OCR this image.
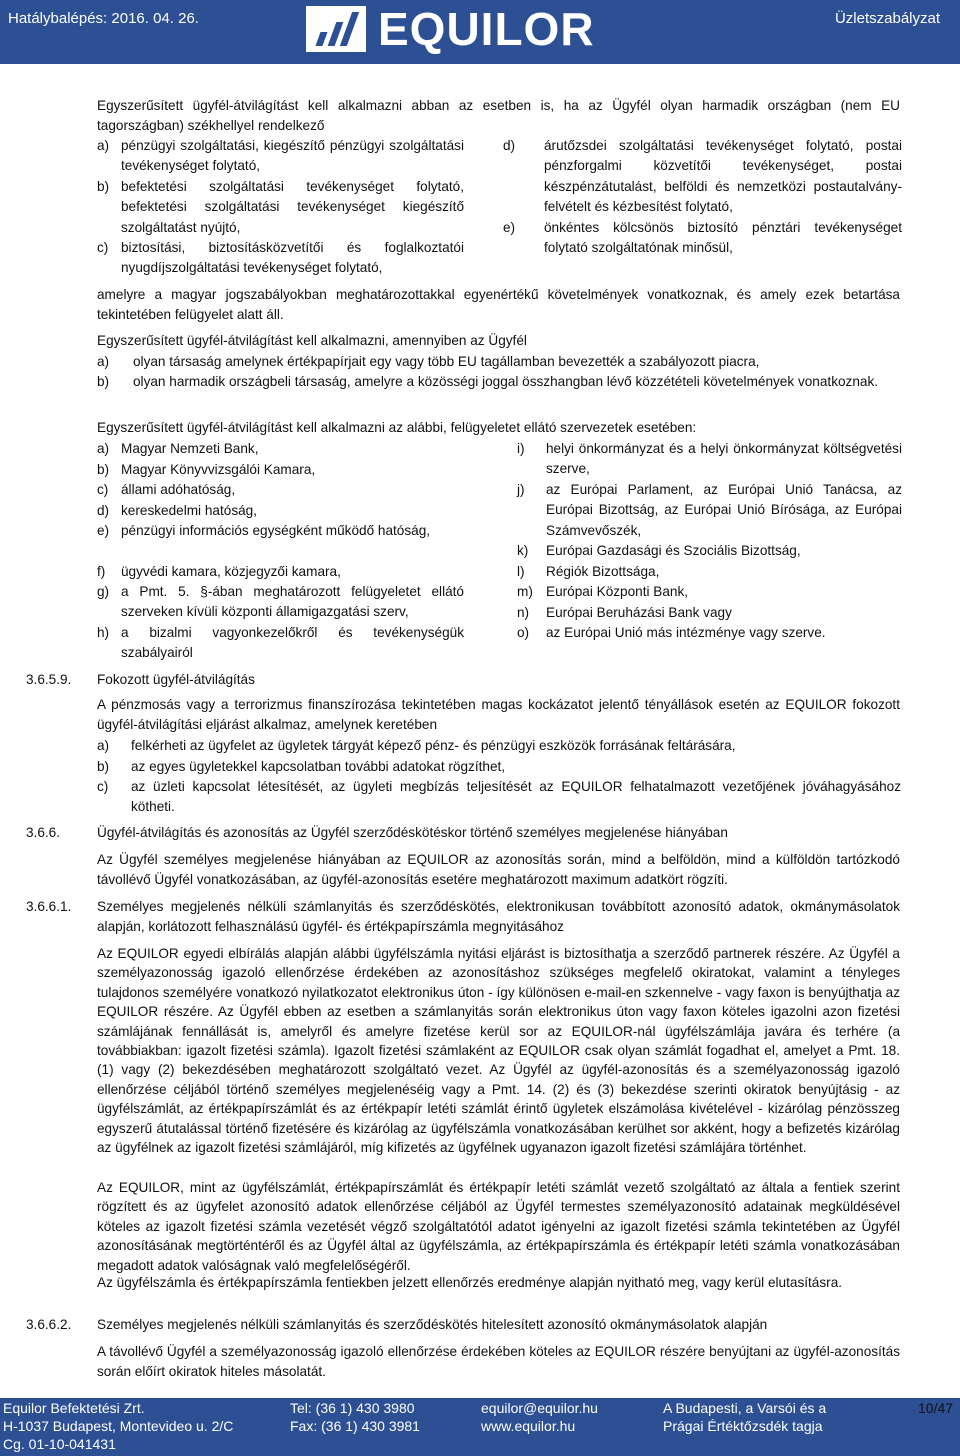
Hatálybalépés: 2016. 04. 26.	EQUILOR	Üzletszabályzat

Egyszerűsített ügyfél-átvilágítást kell alkalmazni abban az esetben is, ha az Ügyfél olyan harmadik országban (nem EU tagországban) székhellyel rendelkező

a) pénzügyi szolgáltatási, kiegészítő pénzügyi szolgáltatási tevékenységet folytató,

b) befektetési szolgáltatási tevékenységet folytató, befektetési szolgáltatási tevékenységet kiegészítő szolgáltatást nyújtó,

c) biztosítási, biztosításközvetítői és foglalkoztatói nyugdíjszolgáltatási tevékenységet folytató,

d) árutőzsdei szolgáltatási tevékenységet folytató, postai pénzforgalmi közvetítői tevékenységet, postai készpénzátutalást, belföldi és nemzetközi postautalvány-felvételt és kézbesítést folytató,

e) önkéntes kölcsönös biztosító pénztári tevékenységet folytató szolgáltatónak minősül,

amelyre a magyar jogszabályokban meghatározottakkal egyenértékű követelmények vonatkoznak, és amely ezek betartása tekintetében felügyelet alatt áll.

Egyszerűsített ügyfél-átvilágítást kell alkalmazni, amennyiben az Ügyfél

a) olyan társaság amelynek értékpapírjait egy vagy több EU tagállamban bevezették a szabályozott piacra,

b) olyan harmadik országbeli társaság, amelyre a közösségi joggal összhangban lévő közzétételi követelmények vonatkoznak.

Egyszerűsített ügyfél-átvilágítást kell alkalmazni az alábbi, felügyeletet ellátó szervezetek esetében:

a) Magyar Nemzeti Bank,

b) Magyar Könyvvizsgálói Kamara,

c) állami adóhatóság,

d) kereskedelmi hatóság,

e) pénzügyi információs egységként működő hatóság,

f) ügyvédi kamara, közjegyzői kamara,

g) a Pmt. 5. §-ában meghatározott felügyeletet ellátó szerveken kívüli központi államigazgatási szerv,

h) a bizalmi vagyonkezelőkről és tevékenységük szabályairól

i) helyi önkormányzat és a helyi önkormányzat költségvetési szerve,

j) az Európai Parlament, az Európai Unió Tanácsa, az Európai Bizottság, az Európai Unió Bírósága, az Európai Számvevőszék,

k) Európai Gazdasági és Szociális Bizottság,

l) Régiók Bizottsága,

m) Európai Központi Bank,

n) Európai Beruházási Bank vagy

o) az Európai Unió más intézménye vagy szerve.

3.6.5.9. Fokozott ügyfél-átvilágítás

A pénzmosás vagy a terrorizmus finanszírozása tekintetében magas kockázatot jelentő tényállások esetén az EQUILOR fokozott ügyfél-átvilágítási eljárást alkalmaz, amelynek keretében

a) felkérheti az ügyfelet az ügyletek tárgyát képező pénz- és pénzügyi eszközök forrásának feltárására,

b) az egyes ügyletekkel kapcsolatban további adatokat rögzíthet,

c) az üzleti kapcsolat létesítését, az ügyleti megbízás teljesítését az EQUILOR felhatalmazott vezetőjének jóváhagyásához kötheti.

3.6.6.	Ügyfél-átvilágítás és azonosítás az Ügyfél szerződéskötéskor történő személyes megjelenése hiányában

Az Ügyfél személyes megjelenése hiányában az EQUILOR az azonosítás során, mind a belföldön, mind a külföldön tartózkodó távollévő Ügyfél vonatkozásában, az ügyfél-azonosítás esetére meghatározott maximum adatkört rögzíti.

3.6.6.1. Személyes megjelenés nélküli számlanyitás és szerződéskötés, elektronikusan továbbított azonosító adatok, okmánymásolatok alapján, korlátozott felhasználású ügyfél- és értékpapírszámla megnyitásához

Az EQUILOR egyedi elbírálás alapján alábbi ügyfélszámla nyitási eljárást is biztosíthatja a szerződő partnerek részére. Az Ügyfél a személyazonosság igazoló ellenőrzése érdekében az azonosításhoz szükséges megfelelő okiratokat, valamint a tényleges tulajdonos személyére vonatkozó nyilatkozatot elektronikus úton - így különösen e-mail-en szkennelve - vagy faxon is benyújthatja az EQUILOR részére. Az Ügyfél ebben az esetben a számlanyitás során elektronikus úton vagy faxon köteles igazolni azon fizetési számlájának fennállását is, amelyről és amelyre fizetése kerül sor az EQUILOR-nál ügyfélszámlája javára és terhére (a továbbiakban: igazolt fizetési számla). Igazolt fizetési számlaként az EQUILOR csak olyan számlát fogadhat el, amelyet a Pmt. 18. (1) vagy (2) bekezdésében meghatározott szolgáltató vezet. Az Ügyfél az ügyfél-azonosítás és a személyazonosság igazoló ellenőrzése céljából történő személyes megjelenéséig vagy a Pmt. 14. (2) és (3) bekezdése szerinti okiratok benyújtásig - az ügyfélszámlát, az értékpapírszámlát és az értékpapír letéti számlát érintő ügyletek elszámolása kivételével - kizárólag pénzösszeg egyszerű átutalással történő fizetésére és kizárólag az ügyfélszámla vonatkozásában kerülhet sor akként, hogy a befizetés kizárólag az ügyfélnek az igazolt fizetési számlájáról, míg kifizetés az ügyfélnek ugyanazon igazolt fizetési számlájára történhet.

Az EQUILOR, mint az ügyfélszámlát, értékpapírszámlát és értékpapír letéti számlát vezető szolgáltató az általa a fentiek szerint rögzített és az ügyfelet azonosító adatok ellenőrzése céljából az Ügyfél termestes személyazonosító adatainak megküldésével köteles az igazolt fizetési számla vezetését végző szolgáltatótól adatot igényelni az igazolt fizetési számla tekintetében az Ügyfél azonosításának megtörténtéről és az Ügyfél által az ügyfélszámla, az értékpapírszámla és értékpapír letéti számla vonatkozásában megadott adatok valóságnak való megfelelőségéről.

Az ügyfélszámla és értékpapírszámla fentiekben jelzett ellenőrzés eredménye alapján nyitható meg, vagy kerül elutasításra.

3.6.6.2. Személyes megjelenés nélküli számlanyitás és szerződéskötés hitelesített azonosító okmánymásolatok alapján

A távollévő Ügyfél a személyazonosság igazoló ellenőrzése érdekében köteles az EQUILOR részére benyújtani az ügyfél-azonosítás során előírt okiratok hiteles másolatát.

Equilor Befektetési Zrt.
H-1037 Budapest, Montevideo u. 2/C
Cg. 01-10-041431
Tel: (36 1) 430 3980
Fax: (36 1) 430 3981
equilor@equilor.hu
www.equilor.hu
A Budapesti, a Varsói és a
Prágai Értéktőzsdék tagja
10/47
